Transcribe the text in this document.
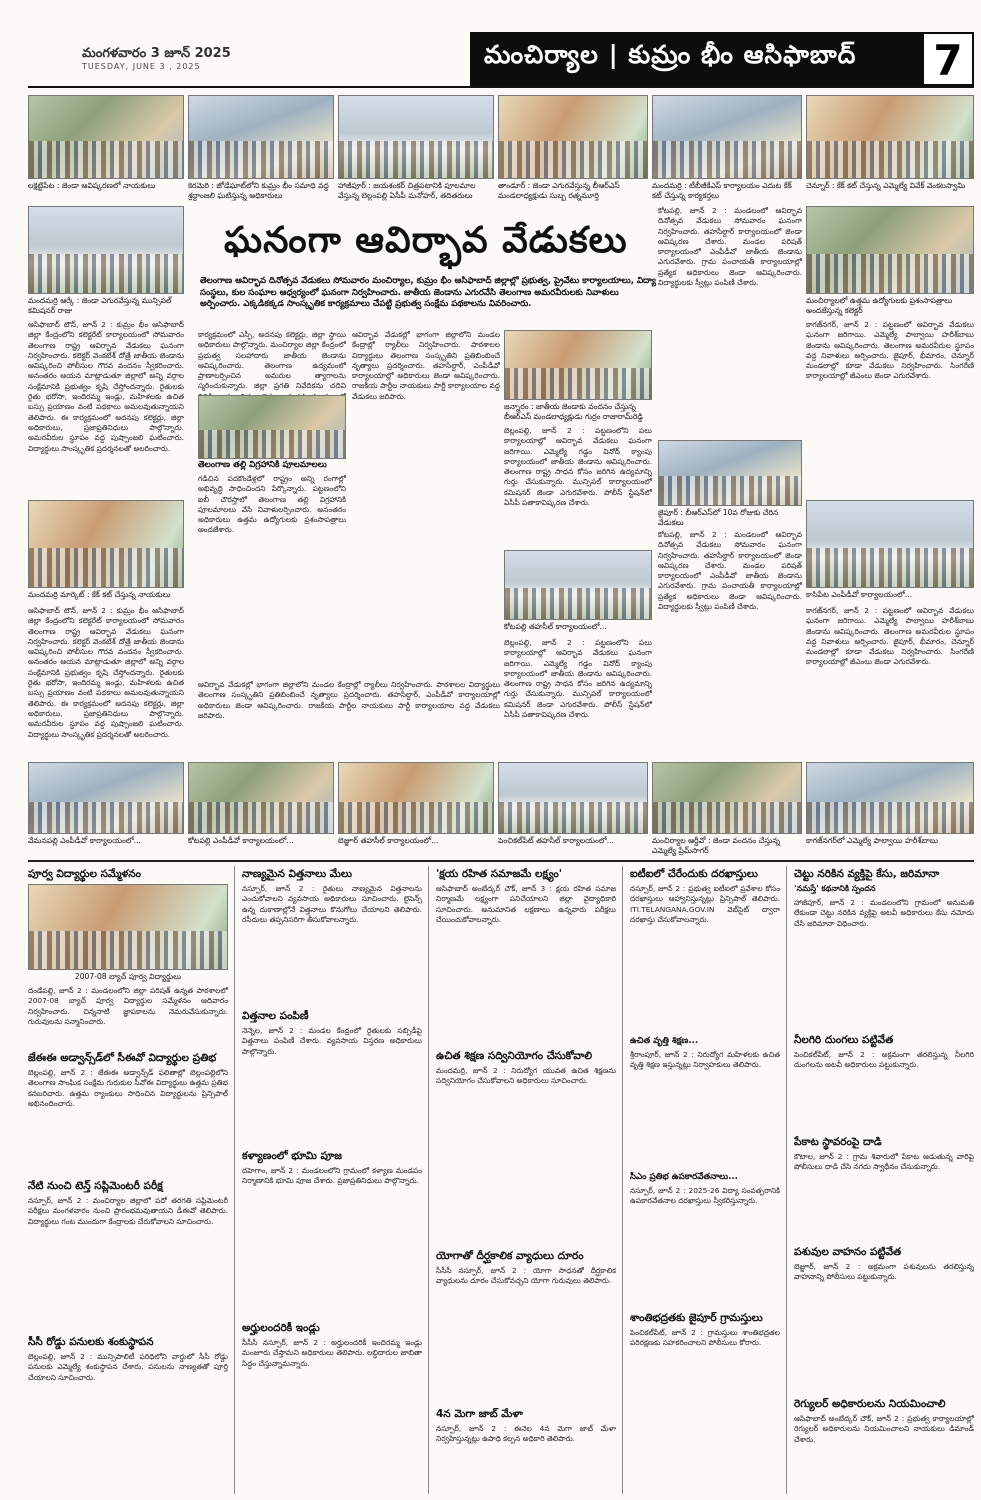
మంగళవారం 3 జూన్ 2025
TUESDAY, JUNE 3 , 2025	మంచిర్యాల | కుమ్రం భీం ఆసిఫాబాద్ 7
లక్షెట్టిపేట : జెండా ఆవిష్కరణలో నాయకులు	కెరమెరి : జోడేఘాట్‌లోని కుమ్రం భీం సమాధి వద్ద శ్రద్ధాంజలి ఘటిస్తున్న అధికారులు
హాజీపూర్ : జయశంకర్ చిత్రపటానికి పూలమాల వేస్తున్న బెల్లంపల్లి ఏసీపీ మనోహర్, తదితరులు
తాండూర్ : జెండా ఎగురవేస్తున్న బీఆర్‌ఎస్ మండలాధ్యక్షుడు సుబ్బ రత్నమూర్తి
మందమర్రి : టీబీజీకేఎస్ కార్యాలయం ఎదుట కేక్ కట్ చేస్తున్న కార్యకర్తలు
చెన్నూర్ : కేక్ కట్ చేస్తున్న ఎమ్మెల్యే వివేక్ వెంకటస్వామి
మందమర్రి ఆర్కే : జెండా ఎగురవేస్తున్న మున్సిపల్ కమిషనర్ రాజు
ఘనంగా ఆవిర్భావ వేడుకలు
తెలంగాణ ఆవిర్భావ దినోత్సవ వేడుకలు సోమవారం మంచిర్యాల, కుమ్రం భీం ఆసిఫాబాద్ జిల్లాల్లో ప్రభుత్వ, ప్రైవేటు కార్యాలయాలు, విద్యా సంస్థలు, కుల సంఘాల ఆధ్వర్యంలో ఘనంగా నిర్వహించారు. జాతీయ జెండాను ఎగురవేసి తెలంగాణ అమరవీరులకు నివాళులు అర్పించారు. ఎక్కడికక్కడ సాంస్కృతిక కార్యక్రమాలు చేపట్టి ప్రభుత్వ సంక్షేమ పథకాలను వివరించారు.	మంచిర్యాలలో ఉత్తమ ఉద్యోగులకు ప్రశంసాపత్రాలు అందజేస్తున్న కలెక్టర్
ఆసిఫాబాద్ టౌన్, జూన్ 2 : కుమ్రం భీం ఆసిఫాబాద్ జిల్లా కేంద్రంలోని కలెక్టరేట్ కార్యాలయంలో సోమవారం తెలంగాణ రాష్ట్ర ఆవిర్భావ వేడుకలు ఘనంగా నిర్వహించారు. కలెక్టర్ వెంకటేశ్ దోత్రే జాతీయ జెండాను ఆవిష్కరించి పోలీసుల గౌరవ వందనం స్వీకరించారు. అనంతరం ఆయన మాట్లాడుతూ జిల్లాలో అన్ని వర్గాల సంక్షేమానికి ప్రభుత్వం కృషి చేస్తోందన్నారు. రైతులకు రైతు భరోసా, ఇందిరమ్మ ఇండ్లు, మహిళలకు ఉచిత బస్సు ప్రయాణం వంటి పథకాలు అమలవుతున్నాయని తెలిపారు. ఈ కార్యక్రమంలో అదనపు కలెక్టర్లు, జిల్లా అధికారులు, ప్రజాప్రతినిధులు పాల్గొన్నారు. అమరవీరుల స్థూపం వద్ద పుష్పాంజలి ఘటించారు. విద్యార్థులు సాంస్కృతిక ప్రదర్శనలతో అలరించారు.
కార్యక్రమంలో ఎస్పీ, అదనపు కలెక్టర్లు, జిల్లా స్థాయి అధికారులు పాల్గొన్నారు. మంచిర్యాల జిల్లా కేంద్రంలో ప్రభుత్వ సలహాదారు జాతీయ జెండాను ఆవిష్కరించారు. తెలంగాణ ఉద్యమంలో ప్రాణాలర్పించిన అమరుల త్యాగాలను స్మరించుకున్నారు. జిల్లా ప్రగతి నివేదికను చదివి
తెలంగాణ తల్లి విగ్రహానికి పూలమాలలు
గడిచిన పదకొండేళ్లలో రాష్ట్రం అన్ని రంగాల్లో అభివృద్ధి సాధించిందని పేర్కొన్నారు. పట్టణంలోని ఐబీ చౌరస్తాలో తెలంగాణ తల్లి విగ్రహానికి పూలమాలలు వేసి నివాళులర్పించారు. అనంతరం అధికారులు ఉత్తమ ఉద్యోగులకు ప్రశంసాపత్రాలు అందజేశారు.
ఆవిర్భావ వేడుకల్లో భాగంగా జిల్లాలోని మండల కేంద్రాల్లో ర్యాలీలు నిర్వహించారు. పాఠశాలల విద్యార్థులు తెలంగాణ సంస్కృతిని ప్రతిబింబించే నృత్యాలు ప్రదర్శించారు. తహసీల్దార్, ఎంపీడీవో కార్యాలయాల్లో అధికారులు జెండా ఆవిష్కరించారు. రాజకీయ పార్టీల నాయకులు పార్టీ కార్యాలయాల వద్ద వేడుకలు జరిపారు.
జన్నారం : జాతీయ జెండాకు వందనం చేస్తున్న బీఆర్‌ఎస్ మండలాధ్యక్షుడు గుర్రం రాజారామ్‌రెడ్డి
బెల్లంపల్లి, జూన్ 2 : పట్టణంలోని పలు కార్యాలయాల్లో ఆవిర్భావ వేడుకలు ఘనంగా జరిగాయి. ఎమ్మెల్యే గడ్డం వినోద్ క్యాంపు కార్యాలయంలో జాతీయ జెండాను ఆవిష్కరించారు. తెలంగాణ రాష్ట్ర సాధన కోసం జరిగిన ఉద్యమాన్ని గుర్తు చేసుకున్నారు. మున్సిపల్ కార్యాలయంలో కమిషనర్ జెండా ఎగురవేశారు. పోలీస్ స్టేషన్‌లో ఏసీపీ పతాకావిష్కరణ చేశారు.
కోటపల్లి, జూన్ 2 : మండలంలో ఆవిర్భావ దినోత్సవ వేడుకలు సోమవారం ఘనంగా నిర్వహించారు. తహసీల్దార్ కార్యాలయంలో జెండా ఆవిష్కరణ చేశారు. మండల పరిషత్ కార్యాలయంలో ఎంపీడీవో జాతీయ జెండాను ఎగురవేశారు. గ్రామ పంచాయతీ కార్యాలయాల్లో ప్రత్యేక అధికారులు జెండా ఆవిష్కరించారు. విద్యార్థులకు స్వీట్లు పంపిణీ చేశారు.
కాగజ్‌నగర్, జూన్ 2 : పట్టణంలో ఆవిర్భావ వేడుకలు ఘనంగా జరిగాయి. ఎమ్మెల్యే పాల్వాయి హరీశ్‌బాబు జెండాను ఆవిష్కరించారు. తెలంగాణ అమరవీరుల స్థూపం వద్ద నివాళులు అర్పించారు. జైపూర్, భీమారం, చెన్నూర్ మండలాల్లో కూడా వేడుకలు నిర్వహించారు. సింగరేణి కార్యాలయాల్లో జీఎంలు జెండా ఎగురవేశారు.
మందమర్రి మార్కెట్ : కేక్ కట్ చేస్తున్న నాయకులు
ఆసిఫాబాద్ టౌన్, జూన్ 2 : కుమ్రం భీం ఆసిఫాబాద్ జిల్లా కేంద్రంలోని కలెక్టరేట్ కార్యాలయంలో సోమవారం తెలంగాణ రాష్ట్ర ఆవిర్భావ వేడుకలు ఘనంగా నిర్వహించారు. కలెక్టర్ వెంకటేశ్ దోత్రే జాతీయ జెండాను ఆవిష్కరించి పోలీసుల గౌరవ వందనం స్వీకరించారు. అనంతరం ఆయన మాట్లాడుతూ జిల్లాలో అన్ని వర్గాల సంక్షేమానికి ప్రభుత్వం కృషి చేస్తోందన్నారు. రైతులకు రైతు భరోసా, ఇందిరమ్మ ఇండ్లు, మహిళలకు ఉచిత బస్సు ప్రయాణం వంటి పథకాలు అమలవుతున్నాయని తెలిపారు. ఈ కార్యక్రమంలో అదనపు కలెక్టర్లు, జిల్లా అధికారులు, ప్రజాప్రతినిధులు పాల్గొన్నారు. అమరవీరుల స్థూపం వద్ద పుష్పాంజలి ఘటించారు. విద్యార్థులు సాంస్కృతిక ప్రదర్శనలతో అలరించారు.
కోటపల్లి తహసీల్ కార్యాలయంలో...
బెల్లంపల్లి, జూన్ 2 : పట్టణంలోని పలు కార్యాలయాల్లో ఆవిర్భావ వేడుకలు ఘనంగా జరిగాయి. ఎమ్మెల్యే గడ్డం వినోద్ క్యాంపు కార్యాలయంలో జాతీయ జెండాను ఆవిష్కరించారు. తెలంగాణ రాష్ట్ర సాధన కోసం జరిగిన ఉద్యమాన్ని గుర్తు చేసుకున్నారు. మున్సిపల్ కార్యాలయంలో కమిషనర్ జెండా ఎగురవేశారు. పోలీస్ స్టేషన్‌లో ఏసీపీ పతాకావిష్కరణ చేశారు.
జైపూర్ : బీఆర్‌ఎస్‌లో 10వ రోజుకు చేరిన వేడుకలు
కోటపల్లి, జూన్ 2 : మండలంలో ఆవిర్భావ దినోత్సవ వేడుకలు సోమవారం ఘనంగా నిర్వహించారు. తహసీల్దార్ కార్యాలయంలో జెండా ఆవిష్కరణ చేశారు. మండల పరిషత్ కార్యాలయంలో ఎంపీడీవో జాతీయ జెండాను ఎగురవేశారు. గ్రామ పంచాయతీ కార్యాలయాల్లో ప్రత్యేక అధికారులు జెండా ఆవిష్కరించారు. విద్యార్థులకు స్వీట్లు పంపిణీ చేశారు.
కాసిపేట ఎంపీడీవో కార్యాలయంలో...
కాగజ్‌నగర్, జూన్ 2 : పట్టణంలో ఆవిర్భావ వేడుకలు ఘనంగా జరిగాయి. ఎమ్మెల్యే పాల్వాయి హరీశ్‌బాబు జెండాను ఆవిష్కరించారు. తెలంగాణ అమరవీరుల స్థూపం వద్ద నివాళులు అర్పించారు. జైపూర్, భీమారం, చెన్నూర్ మండలాల్లో కూడా వేడుకలు నిర్వహించారు. సింగరేణి కార్యాలయాల్లో జీఎంలు జెండా ఎగురవేశారు.
ఆవిర్భావ వేడుకల్లో భాగంగా జిల్లాలోని మండల కేంద్రాల్లో ర్యాలీలు నిర్వహించారు. పాఠశాలల విద్యార్థులు తెలంగాణ సంస్కృతిని ప్రతిబింబించే నృత్యాలు ప్రదర్శించారు. తహసీల్దార్, ఎంపీడీవో కార్యాలయాల్లో అధికారులు జెండా ఆవిష్కరించారు. రాజకీయ పార్టీల నాయకులు పార్టీ కార్యాలయాల వద్ద వేడుకలు జరిపారు.
వేమనపల్లి ఎంపీడీవో కార్యాలయంలో...	కోటపల్లి ఎంపీడీవో కార్యాలయంలో...	బెజ్జూర్ తహసీల్ కార్యాలయంలో...	పెంచికల్‌పేట్ తహసీల్ కార్యాలయంలో...	మంచిర్యాల ఆర్డీవో : జెండా వందనం చేస్తున్న ఎమ్మెల్యే ప్రేమ్‌సాగర్
కాగజ్‌నగర్‌లో ఎమ్మెల్యే పాల్వాయి హరీశ్‌బాబు
పూర్వ విద్యార్థుల సమ్మేళనం
2007-08 బ్యాచ్ పూర్వ విద్యార్థులు
దండేపల్లి, జూన్ 2 : మండలంలోని జిల్లా పరిషత్ ఉన్నత పాఠశాలలో 2007-08 బ్యాచ్ పూర్వ విద్యార్థుల సమ్మేళనం ఆదివారం నిర్వహించారు. చిన్ననాటి జ్ఞాపకాలను నెమరువేసుకున్నారు. గురువులను సన్మానించారు.
జేఈఈ అడ్వాన్స్‌డ్‌లో సీఈవో విద్యార్థుల ప్రతిభ
బెల్లంపల్లి, జూన్ 2 : జేఈఈ అడ్వాన్స్‌డ్ ఫలితాల్లో బెల్లంపల్లిలోని తెలంగాణ సాంఘిక సంక్షేమ గురుకుల సీవోఈ విద్యార్థులు ఉత్తమ ప్రతిభ కనబరిచారు. ఉత్తమ ర్యాంకులు సాధించిన విద్యార్థులను ప్రిన్సిపాల్ అభినందించారు.
నేటి నుంచి టెన్త్ సప్లిమెంటరీ పరీక్ష
నస్పూర్, జూన్ 2 : మంచిర్యాల జిల్లాలో పదో తరగతి సప్లిమెంటరీ పరీక్షలు మంగళవారం నుంచి ప్రారంభమవుతాయని డీఈవో తెలిపారు. విద్యార్థులు గంట ముందుగా కేంద్రాలకు చేరుకోవాలని సూచించారు.
సీసీ రోడ్డు పనులకు శంకుస్థాపన
బెల్లంపల్లి, జూన్ 2 : మున్సిపాలిటీ పరిధిలోని వార్డులో సీసీ రోడ్డు పనులకు ఎమ్మెల్యే శంకుస్థాపన చేశారు. పనులను నాణ్యతతో పూర్తి చేయాలని సూచించారు.
నాణ్యమైన విత్తనాలు మేలు
నస్పూర్, జూన్ 2 : రైతులు నాణ్యమైన విత్తనాలను ఎంచుకోవాలని వ్యవసాయ అధికారులు సూచించారు. లైసెన్స్ ఉన్న దుకాణాల్లోనే విత్తనాలు కొనుగోలు చేయాలని తెలిపారు. రసీదులు తప్పనిసరిగా తీసుకోవాలన్నారు.
విత్తనాల పంపిణీ
నెన్నెల, జూన్ 2 : మండల కేంద్రంలో రైతులకు సబ్సిడీపై విత్తనాలు పంపిణీ చేశారు. వ్యవసాయ విస్తరణ అధికారులు పాల్గొన్నారు.
కళ్యాణంలో భూమి పూజ
దహెగాం, జూన్ 2 : మండలంలోని గ్రామంలో కళ్యాణ మండపం నిర్మాణానికి భూమి పూజ చేశారు. ప్రజాప్రతినిధులు పాల్గొన్నారు.
అర్హులందరికీ ఇండ్లు
సీసీసీ నస్పూర్, జూన్ 2 : అర్హులందరికీ ఇందిరమ్మ ఇండ్లు మంజూరు చేస్తామని అధికారులు తెలిపారు. లబ్ధిదారుల జాబితా సిద్ధం చేస్తున్నామన్నారు.
'క్షయ రహిత సమాజమే లక్ష్యం'
ఆసిఫాబాద్ అంబేద్కర్ చౌక్, జూన్ 3 : క్షయ రహిత సమాజ నిర్మాణమే లక్ష్యంగా పనిచేయాలని జిల్లా వైద్యాధికారి సూచించారు. అనుమానిత లక్షణాలు ఉన్నవారు పరీక్షలు చేయించుకోవాలన్నారు.
ఉచిత శిక్షణ సద్వినియోగం చేసుకోవాలి
మందమర్రి, జూన్ 2 : నిరుద్యోగ యువత ఉచిత శిక్షణను సద్వినియోగం చేసుకోవాలని అధికారులు సూచించారు.
యోగాతో దీర్ఘకాలిక వ్యాధులు దూరం
సీసీసీ నస్పూర్, జూన్ 2 : యోగా సాధనతో దీర్ఘకాలిక వ్యాధులను దూరం చేసుకోవచ్చని యోగా గురువులు తెలిపారు.
4న మెగా జాబ్ మేళా
నస్పూర్, జూన్ 2 : ఈనెల 4న మెగా జాబ్ మేళా నిర్వహిస్తున్నట్లు ఉపాధి కల్పన అధికారి తెలిపారు.
ఐటీఐలో చేరేందుకు దరఖాస్తులు
నస్పూర్, జూన్ 2 : ప్రభుత్వ ఐటీఐలో ప్రవేశాల కోసం దరఖాస్తులు ఆహ్వానిస్తున్నట్లు ప్రిన్సిపాల్ తెలిపారు. ITI.TELANGANA.GOV.IN వెబ్‌సైట్ ద్వారా దరఖాస్తు చేసుకోవాలన్నారు.
ఉచిత వృత్తి శిక్షణ...
శ్రీరాంపూర్, జూన్ 2 : నిరుద్యోగ మహిళలకు ఉచిత వృత్తి శిక్షణ ఇస్తున్నట్లు నిర్వాహకులు తెలిపారు.
సీఎం ప్రతిభ ఉపకారవేతనాలు...
నస్పూర్, జూన్ 2 : 2025-26 విద్యా సంవత్సరానికి ఉపకారవేతనాల దరఖాస్తులు స్వీకరిస్తున్నారు.
శాంతిభద్రతకు జైపూర్ గ్రామస్తులు
పెంచికల్‌పేట్, జూన్ 2 : గ్రామస్తులు శాంతిభద్రతల పరిరక్షణకు సహకరించాలని పోలీసులు కోరారు.
చెట్టు నరికిన వ్యక్తిపై కేసు, జరిమానా
'నమస్తే' కథనానికి స్పందన
హాజీపూర్, జూన్ 2 : మండలంలోని గ్రామంలో అనుమతి లేకుండా చెట్టు నరికిన వ్యక్తిపై అటవీ అధికారులు కేసు నమోదు చేసి జరిమానా విధించారు.
నీలగిరి దుంగలు పట్టివేత
పెంచికల్‌పేట్, జూన్ 2 : అక్రమంగా తరలిస్తున్న నీలగిరి దుంగలను అటవీ అధికారులు పట్టుకున్నారు.
పేకాట స్థావరంపై దాడి
కౌటాల, జూన్ 2 : గ్రామ శివారులో పేకాట ఆడుతున్న వారిపై పోలీసులు దాడి చేసి నగదు స్వాధీనం చేసుకున్నారు.
పశువుల వాహనం పట్టివేత
బెజ్జూర్, జూన్ 2 : అక్రమంగా పశువులను తరలిస్తున్న వాహనాన్ని పోలీసులు పట్టుకున్నారు.
రెగ్యులర్ అధికారులను నియమించాలి
ఆసిఫాబాద్ అంబేద్కర్ చౌక్, జూన్ 2 : ప్రభుత్వ కార్యాలయాల్లో రెగ్యులర్ అధికారులను నియమించాలని నాయకులు డిమాండ్ చేశారు.
